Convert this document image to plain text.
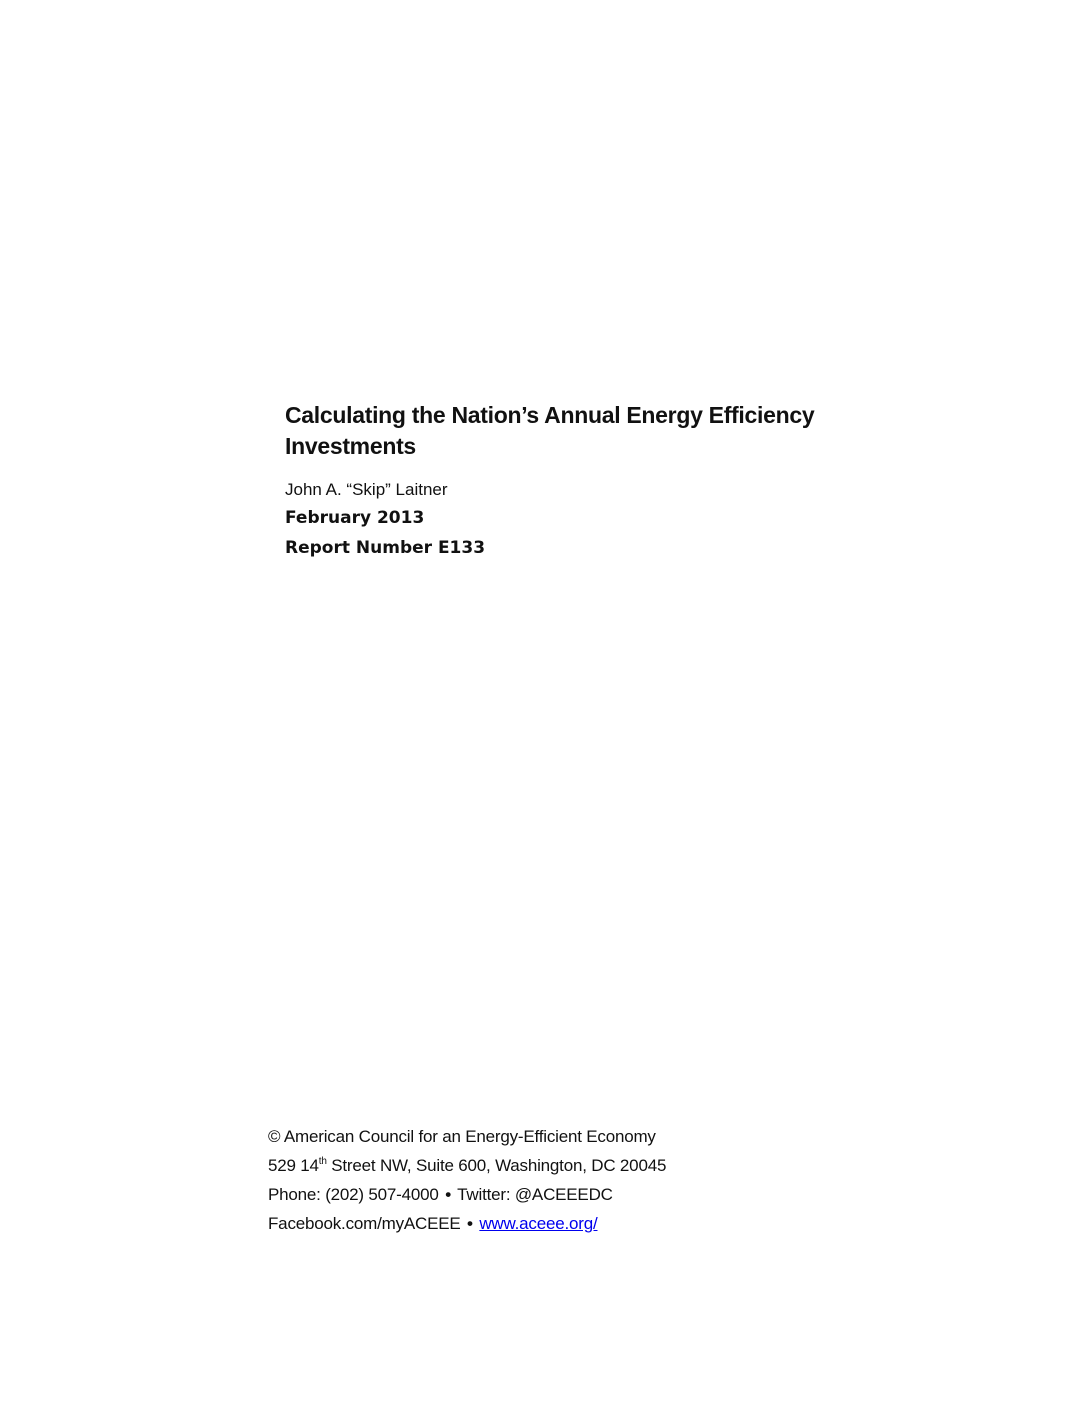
Calculating the Nation’s Annual Energy Efficiency
Investments
John A. “Skip” Laitner
February 2013
Report Number E133
© American Council for an Energy-Efficient Economy
529 14th Street NW, Suite 600, Washington, DC 20045
Phone: (202) 507-4000 • Twitter: @ACEEEDC
Facebook.com/myACEEE • www.aceee.org/
